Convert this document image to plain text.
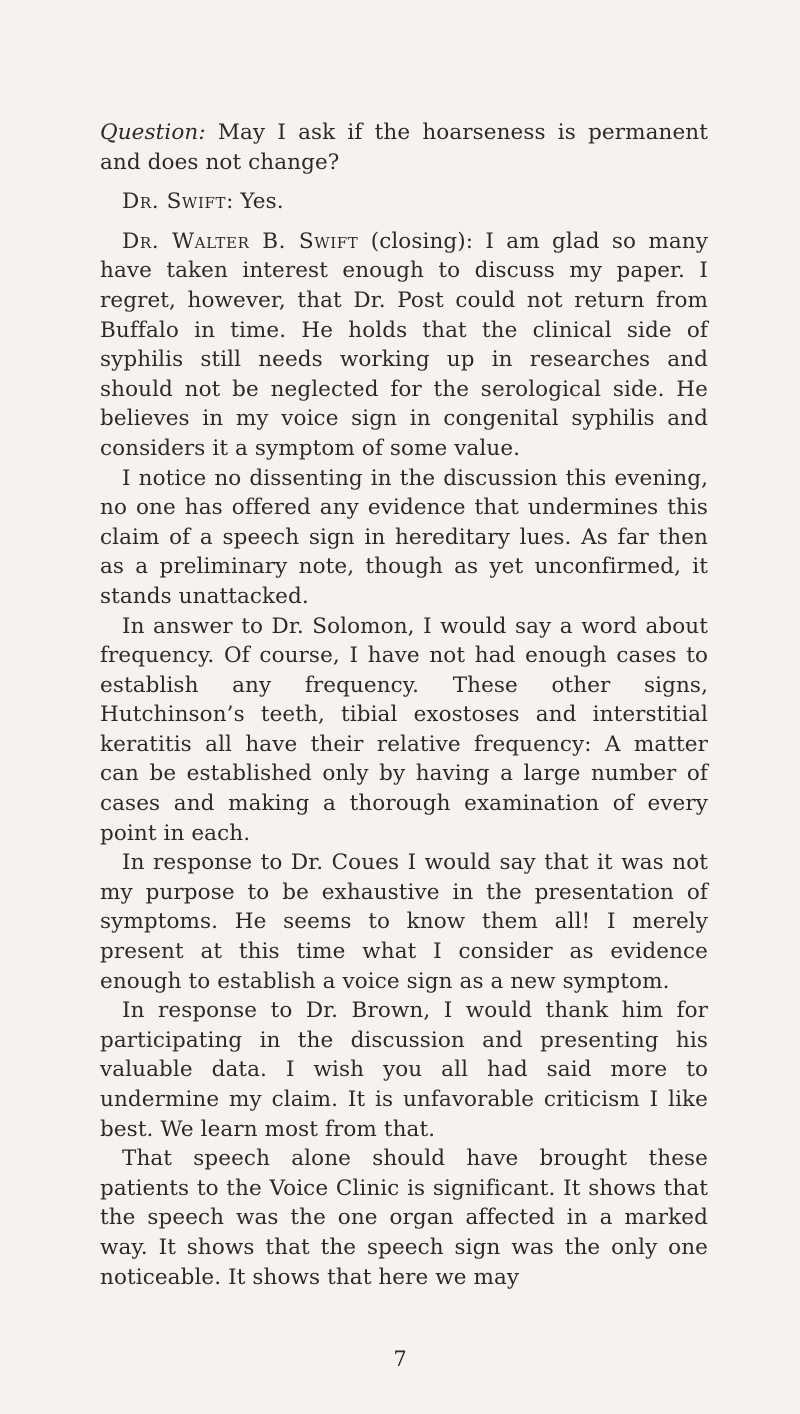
Question: May I ask if the hoarseness is permanent and does not change?

Dr. Swift: Yes.

Dr. Walter B. Swift (closing): I am glad so many have taken interest enough to discuss my paper. I regret, however, that Dr. Post could not return from Buffalo in time. He holds that the clinical side of syphilis still needs working up in researches and should not be neglected for the serological side. He believes in my voice sign in congenital syphilis and considers it a symptom of some value.

I notice no dissenting in the discussion this evening, no one has offered any evidence that undermines this claim of a speech sign in hereditary lues. As far then as a preliminary note, though as yet unconfirmed, it stands unattacked.

In answer to Dr. Solomon, I would say a word about frequency. Of course, I have not had enough cases to establish any frequency. These other signs, Hutchinson’s teeth, tibial exostoses and interstitial keratitis all have their relative frequency: A matter can be established only by having a large number of cases and making a thorough examination of every point in each.

In response to Dr. Coues I would say that it was not my purpose to be exhaustive in the presentation of symptoms. He seems to know them all! I merely present at this time what I consider as evidence enough to establish a voice sign as a new symptom.

In response to Dr. Brown, I would thank him for participating in the discussion and presenting his valuable data. I wish you all had said more to undermine my claim. It is unfavorable criticism I like best. We learn most from that.

That speech alone should have brought these patients to the Voice Clinic is significant. It shows that the speech was the one organ affected in a marked way. It shows that the speech sign was the only one noticeable. It shows that here we may

7
